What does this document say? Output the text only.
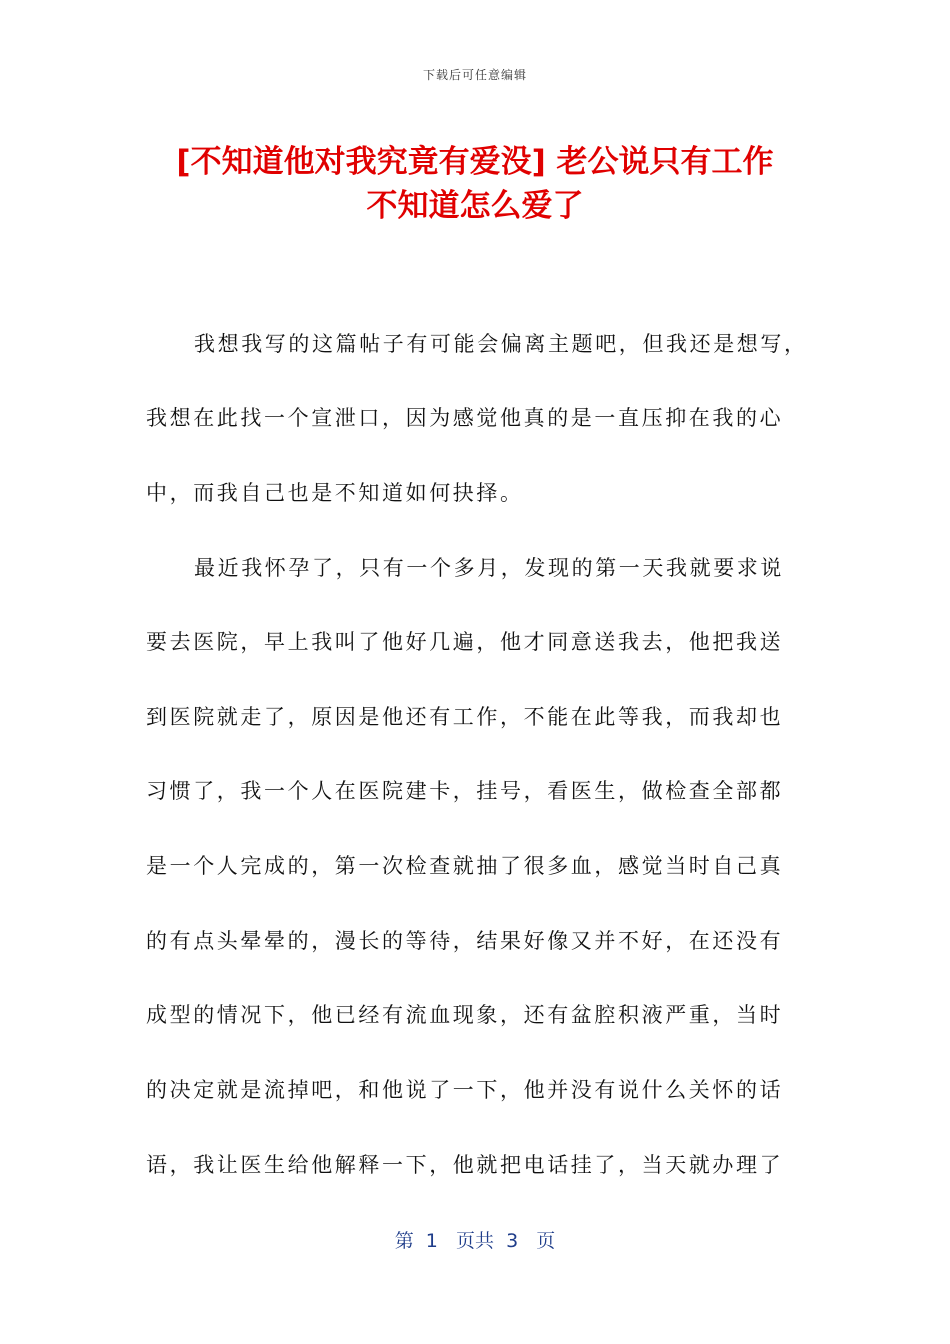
下载后可任意编辑
[不知道他对我究竟有爱没] 老公说只有工作
不知道怎么爱了
我想我写的这篇帖子有可能会偏离主题吧，但我还是想写，
我想在此找一个宣泄口，因为感觉他真的是一直压抑在我的心
中，而我自己也是不知道如何抉择。
最近我怀孕了，只有一个多月，发现的第一天我就要求说
要去医院，早上我叫了他好几遍，他才同意送我去，他把我送
到医院就走了，原因是他还有工作，不能在此等我，而我却也
习惯了，我一个人在医院建卡，挂号，看医生，做检查全部都
是一个人完成的，第一次检查就抽了很多血，感觉当时自己真
的有点头晕晕的，漫长的等待，结果好像又并不好，在还没有
成型的情况下，他已经有流血现象，还有盆腔积液严重，当时
的决定就是流掉吧，和他说了一下，他并没有说什么关怀的话
语，我让医生给他解释一下，他就把电话挂了，当天就办理了
第  1   页共  3   页
